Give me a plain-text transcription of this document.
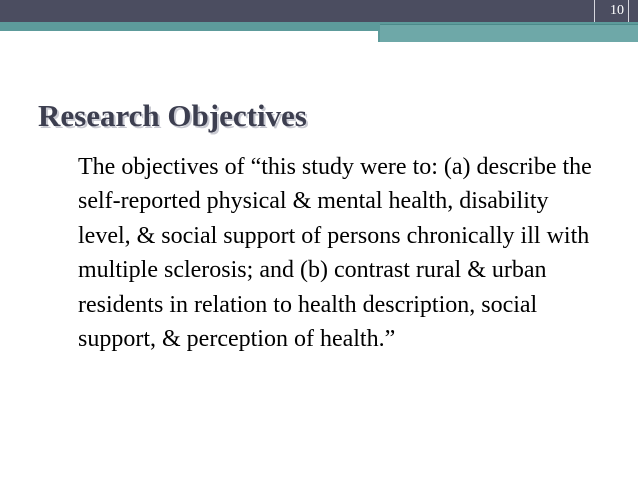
10
Research Objectives

The objectives of “this study were to: (a) describe the self-reported physical & mental health, disability level, & social support of persons chronically ill with multiple sclerosis; and (b) contrast rural & urban residents in relation to health description, social support, & perception of health.”
